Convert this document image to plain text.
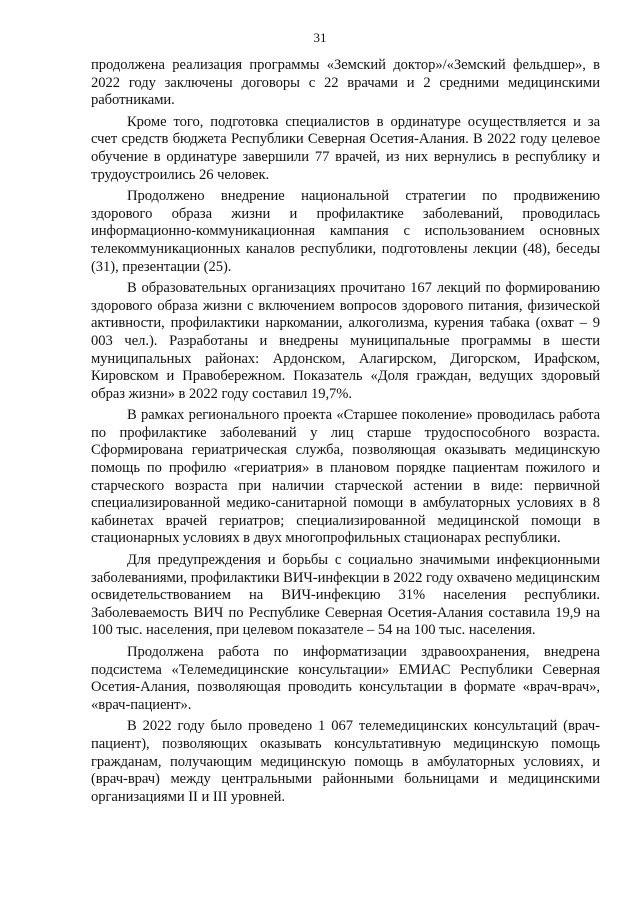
31

продолжена реализация программы «Земский доктор»/«Земский фельдшер», в 2022 году заключены договоры с 22 врачами и 2 средними медицинскими работниками.

Кроме того, подготовка специалистов в ординатуре осуществляется и за счет средств бюджета Республики Северная Осетия-Алания. В 2022 году целевое обучение в ординатуре завершили 77 врачей, из них вернулись в республику и трудоустроились 26 человек.

Продолжено внедрение национальной стратегии по продвижению здорового образа жизни и профилактике заболеваний, проводилась информационно-коммуникационная кампания с использованием основных телекоммуникационных каналов республики, подготовлены лекции (48), беседы (31), презентации (25).

В образовательных организациях прочитано 167 лекций по формированию здорового образа жизни с включением вопросов здорового питания, физической активности, профилактики наркомании, алкоголизма, курения табака (охват – 9 003 чел.). Разработаны и внедрены муниципальные программы в шести муниципальных районах: Ардонском, Алагирском, Дигорском, Ирафском, Кировском и Правобережном. Показатель «Доля граждан, ведущих здоровый образ жизни» в 2022 году составил 19,7%.

В рамках регионального проекта «Старшее поколение» проводилась работа по профилактике заболеваний у лиц старше трудоспособного возраста. Сформирована гериатрическая служба, позволяющая оказывать медицинскую помощь по профилю «гериатрия» в плановом порядке пациентам пожилого и старческого возраста при наличии старческой астении в виде: первичной специализированной медико-санитарной помощи в амбулаторных условиях в 8 кабинетах врачей гериатров; специализированной медицинской помощи в стационарных условиях в двух многопрофильных стационарах республики.

Для предупреждения и борьбы с социально значимыми инфекционными заболеваниями, профилактики ВИЧ-инфекции в 2022 году охвачено медицинским освидетельствованием на ВИЧ-инфекцию 31% населения республики. Заболеваемость ВИЧ по Республике Северная Осетия-Алания составила 19,9 на 100 тыс. населения, при целевом показателе – 54 на 100 тыс. населения.

Продолжена работа по информатизации здравоохранения, внедрена подсистема «Телемедицинские консультации» ЕМИАС Республики Северная Осетия-Алания, позволяющая проводить консультации в формате «врач-врач», «врач-пациент».

В 2022 году было проведено 1 067 телемедицинских консультаций (врач-пациент), позволяющих оказывать консультативную медицинскую помощь гражданам, получающим медицинскую помощь в амбулаторных условиях, и (врач-врач) между центральными районными больницами и медицинскими организациями II и III уровней.
